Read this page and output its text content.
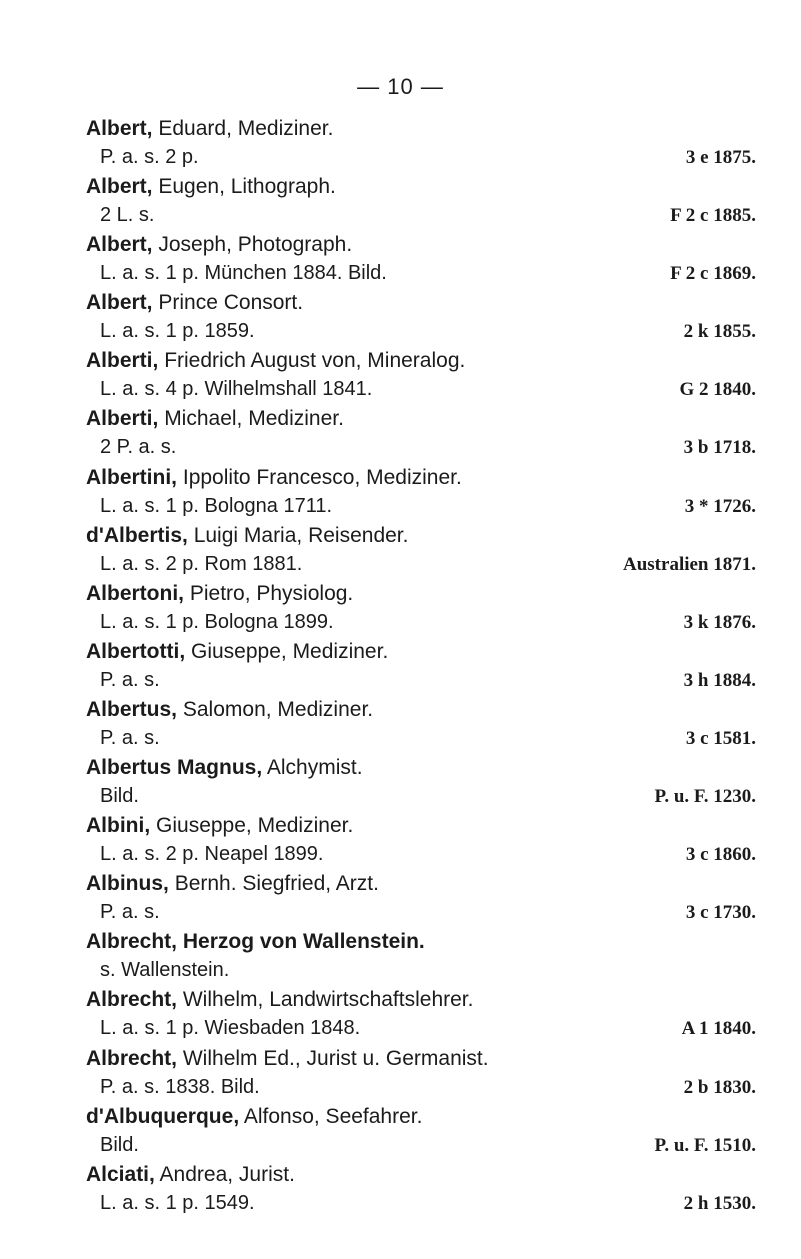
— 10 —
Albert, Eduard, Mediziner.
P. a. s. 2 p.	3 e 1875.
Albert, Eugen, Lithograph.
2 L. s.	F 2 c 1885.
Albert, Joseph, Photograph.
L. a. s. 1 p. München 1884. Bild.	F 2 c 1869.
Albert, Prince Consort.
L. a. s. 1 p. 1859.	2 k 1855.
Alberti, Friedrich August von, Mineralog.
L. a. s. 4 p. Wilhelmshall 1841.	G 2 1840.
Alberti, Michael, Mediziner.
2 P. a. s.	3 b 1718.
Albertini, Ippolito Francesco, Mediziner.
L. a. s. 1 p. Bologna 1711.	3 * 1726.
d'Albertis, Luigi Maria, Reisender.
L. a. s. 2 p. Rom 1881.	Australien 1871.
Albertoni, Pietro, Physiolog.
L. a. s. 1 p. Bologna 1899.	3 k 1876.
Albertotti, Giuseppe, Mediziner.
P. a. s.	3 h 1884.
Albertus, Salomon, Mediziner.
P. a. s.	3 c 1581.
Albertus Magnus, Alchymist.
Bild.	P. u. F. 1230.
Albini, Giuseppe, Mediziner.
L. a. s. 2 p. Neapel 1899.	3 c 1860.
Albinus, Bernh. Siegfried, Arzt.
P. a. s.	3 c 1730.
Albrecht, Herzog von Wallenstein.
s. Wallenstein.
Albrecht, Wilhelm, Landwirtschaftslehrer.
L. a. s. 1 p. Wiesbaden 1848.	A 1 1840.
Albrecht, Wilhelm Ed., Jurist u. Germanist.
P. a. s. 1838. Bild.	2 b 1830.
d'Albuquerque, Alfonso, Seefahrer.
Bild.	P. u. F. 1510.
Alciati, Andrea, Jurist.
L. a. s. 1 p. 1549.	2 h 1530.
